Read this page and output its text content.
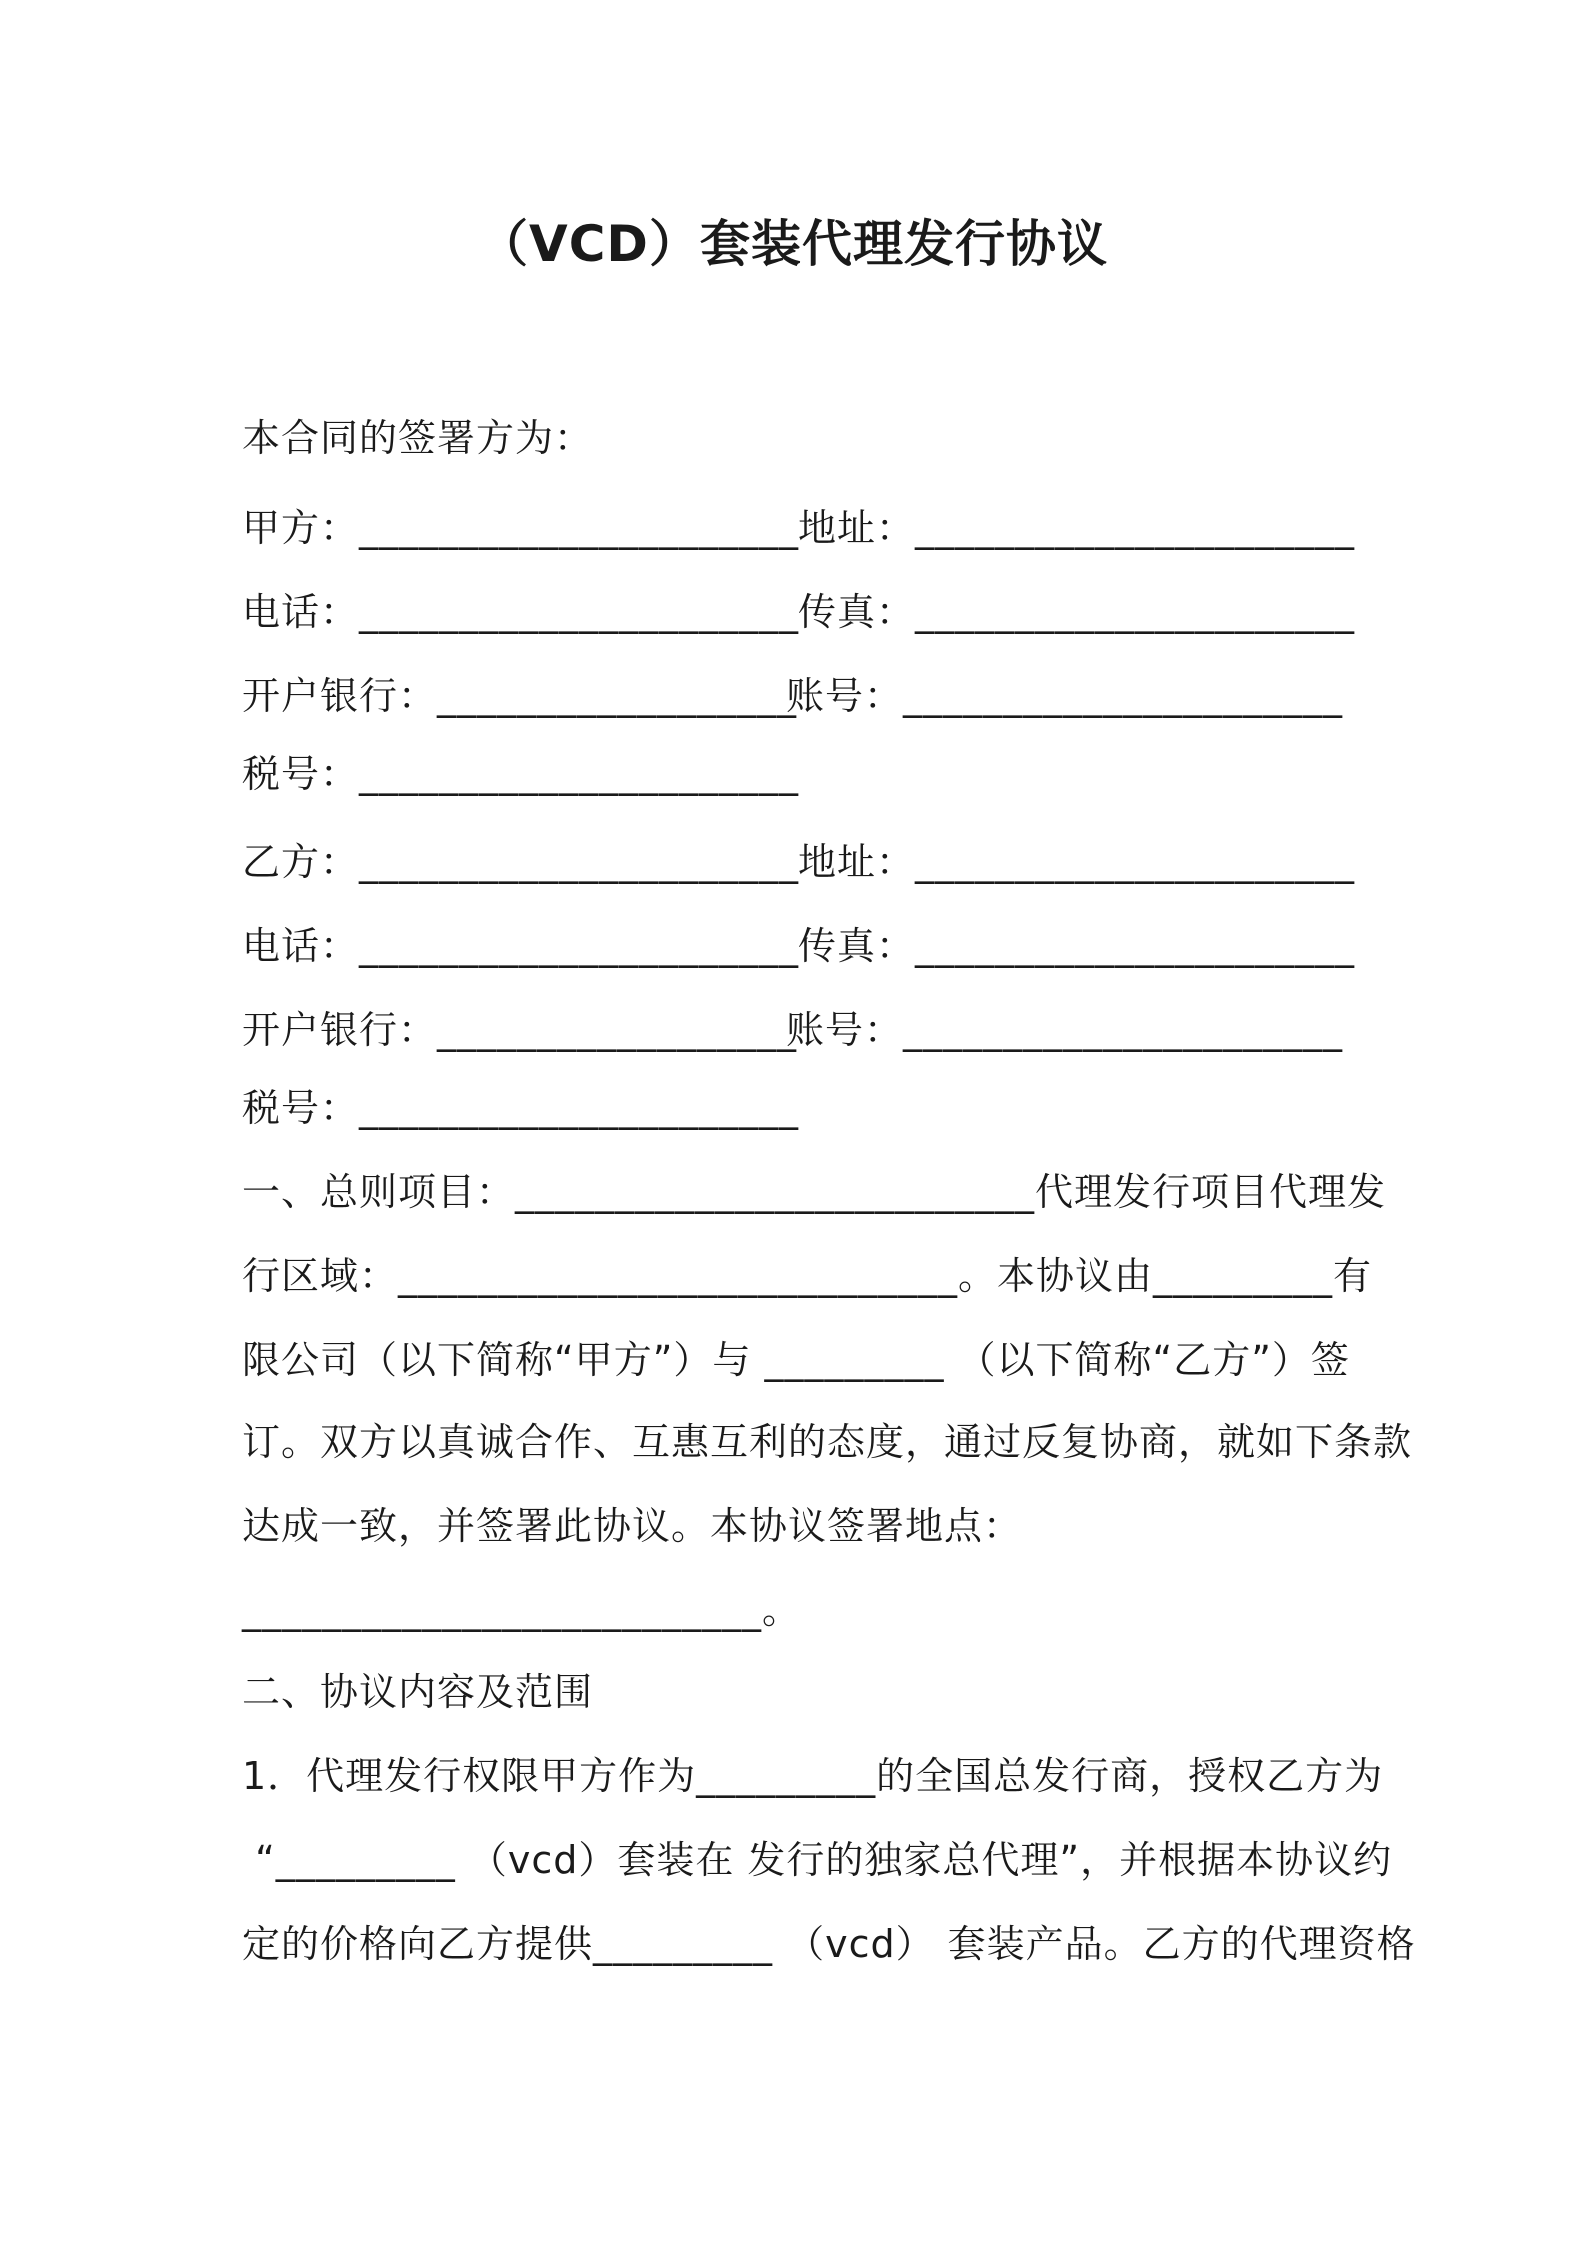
（VCD）套装代理发行协议
本合同的签署方为：
甲方：______________________
地址：______________________
电话：______________________
传真：______________________
开户银行：__________________
账号：______________________
税号：______________________
乙方：______________________
地址：______________________
电话：______________________
传真：______________________
开户银行：__________________
账号：______________________
税号：______________________
一、总则项目：__________________________代理发行项目代理发
行区域：____________________________。本协议由_________有
限公司（以下简称“甲方”）与 _________ （以下简称“乙方”）签
订。双方以真诚合作、互惠互利的态度，通过反复协商，就如下条款
达成一致，并签署此协议。本协议签署地点：
__________________________。
二、协议内容及范围
1．代理发行权限甲方作为_________的全国总发行商，授权乙方为
“_________ （vcd）套装在 发行的独家总代理”，并根据本协议约
定的价格向乙方提供_________ （vcd） 套装产品。乙方的代理资格
